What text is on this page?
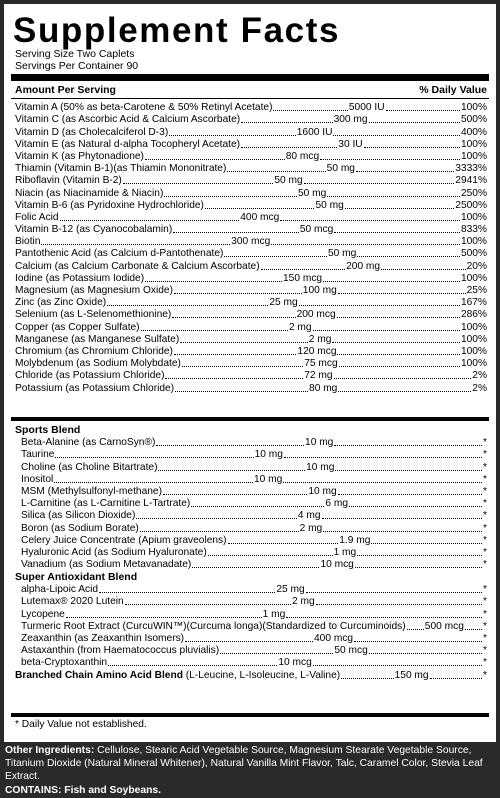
Supplement Facts
Serving Size Two Caplets
Servings Per Container 90
Amount Per Serving	% Daily Value
Vitamin A (50% as beta-Carotene & 50% Retinyl Acetate)	5000 IU	100%
Vitamin C (as Ascorbic Acid & Calcium Ascorbate)	300 mg	500%
Vitamin D (as Cholecalciferol D-3)	1600 IU	400%
Vitamin E (as Natural d-alpha Tocopheryl Acetate)	30 IU	100%
Vitamin K (as Phytonadione)	80 mcg	100%
Thiamin (Vitamin B-1)(as Thiamin Mononitrate)	50 mg	3333%
Riboflavin (Vitamin B-2)	50 mg	2941%
Niacin (as Niacinamide & Niacin)	50 mg	250%
Vitamin B-6 (as Pyridoxine Hydrochloride)	50 mg	2500%
Folic Acid	400 mcg	100%
Vitamin B-12 (as Cyanocobalamin)	50 mcg	833%
Biotin	300 mcg	100%
Pantothenic Acid (as Calcium d-Pantothenate)	50 mg	500%
Calcium (as Calcium Carbonate & Calcium Ascorbate)	200 mg	20%
Iodine (as Potassium Iodide)	150 mcg	100%
Magnesium (as Magnesium Oxide)	100 mg	25%
Zinc (as Zinc Oxide)	25 mg	167%
Selenium (as L-Selenomethionine)	200 mcg	286%
Copper (as Copper Sulfate)	2 mg	100%
Manganese (as Manganese Sulfate)	2 mg	100%
Chromium (as Chromium Chloride)	120 mcg	100%
Molybdenum (as Sodium Molybdate)	75 mcg	100%
Chloride (as Potassium Chloride)	72 mg	2%
Potassium (as Potassium Chloride)	80 mg	2%
Sports Blend
Beta-Alanine (as CarnoSyn®)	10 mg	*
Taurine	10 mg	*
Choline (as Choline Bitartrate)	10 mg	*
Inositol	10 mg	*
MSM (Methylsulfonyl-methane)	10 mg	*
L-Carnitine (as L-Carnitine L-Tartrate)	6 mg	*
Silica (as Silicon Dioxide)	4 mg	*
Boron (as Sodium Borate)	2 mg	*
Celery Juice Concentrate (Apium graveolens)	1.9 mg	*
Hyaluronic Acid (as Sodium Hyaluronate)	1 mg	*
Vanadium (as Sodium Metavanadate)	10 mcg	*
Super Antioxidant Blend
alpha-Lipoic Acid	25 mg	*
Lutemax® 2020 Lutein	2 mg	*
Lycopene	1 mg	*
Turmeric Root Extract (CurcuWIN™)(Curcuma longa)(Standardized to Curcuminoids) 500 mcg *
Zeaxanthin (as Zeaxanthin Isomers)	400 mcg	*
Astaxanthin (from Haematococcus pluvialis)	50 mcg	*
beta-Cryptoxanthin	10 mcg	*
Branched Chain Amino Acid Blend (L-Leucine, L-Isoleucine, L-Valine)	150 mg	*
* Daily Value not established.
Other Ingredients: Cellulose, Stearic Acid Vegetable Source, Magnesium Stearate Vegetable Source, Titanium Dioxide (Natural Mineral Whitener), Natural Vanilla Mint Flavor, Talc, Caramel Color, Stevia Leaf Extract.
CONTAINS: Fish and Soybeans.
